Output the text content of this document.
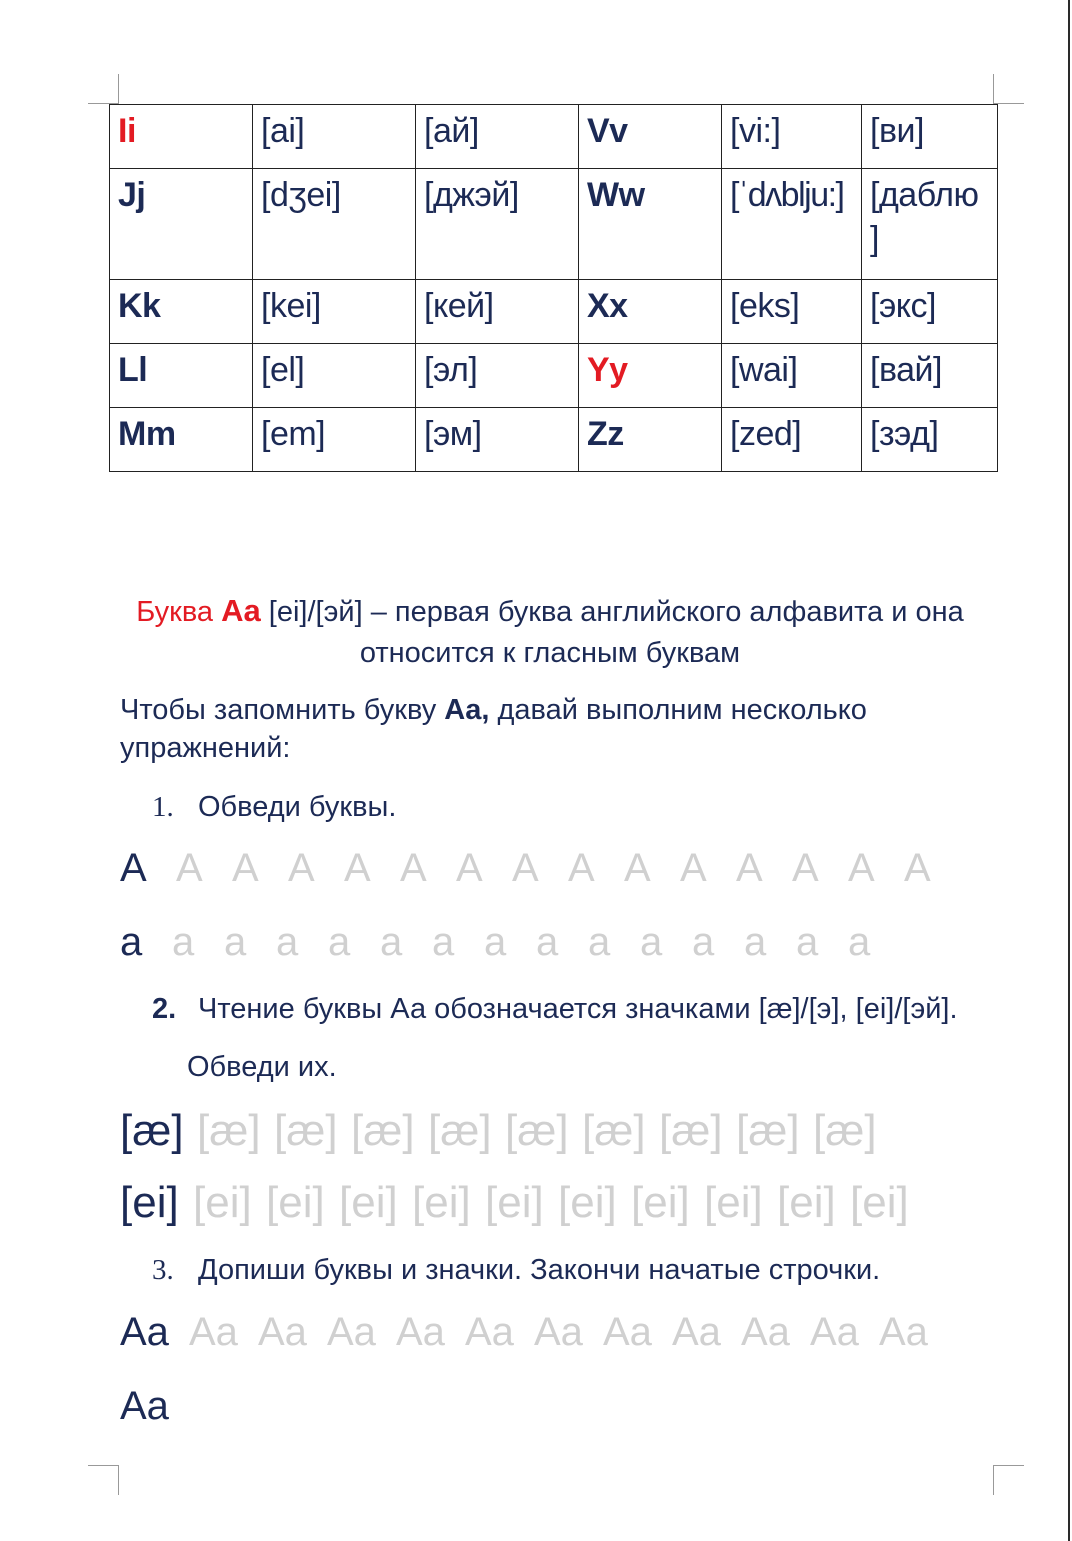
Ii	[ai]	[ай]	Vv	[vi:]	[ви]
Jj	[dʒei]	[джэй]	Ww	[ˈdʌblju:]	[даблю ]
Kk	[kei]	[кей]	Xx	[eks]	[экс]
Ll	[el]	[эл]	Yy	[wai]	[вай]
Mm	[em]	[эм]	Zz	[zed]	[зэд]
Буква Aa [ei]/[эй] – первая буква английского алфавита и она
относится к гласным буквам
Чтобы запомнить букву Aa, давай выполним несколько упражнений:
1. Обведи буквы.
A A A A A A A A A A A A A A A
a a a a a a a a a a a a a a a
2. Чтение буквы Аа обозначается значками [æ]/[э], [ei]/[эй].
Обведи их.
[æ] [æ] [æ] [æ] [æ] [æ] [æ] [æ] [æ] [æ]
[ei] [ei] [ei] [ei] [ei] [ei] [ei] [ei] [ei] [ei] [ei]
3. Допиши буквы и значки. Закончи начатые строчки.
Aa Aa Aa Aa Aa Aa Aa Aa Aa Aa Aa Aa
Aa
